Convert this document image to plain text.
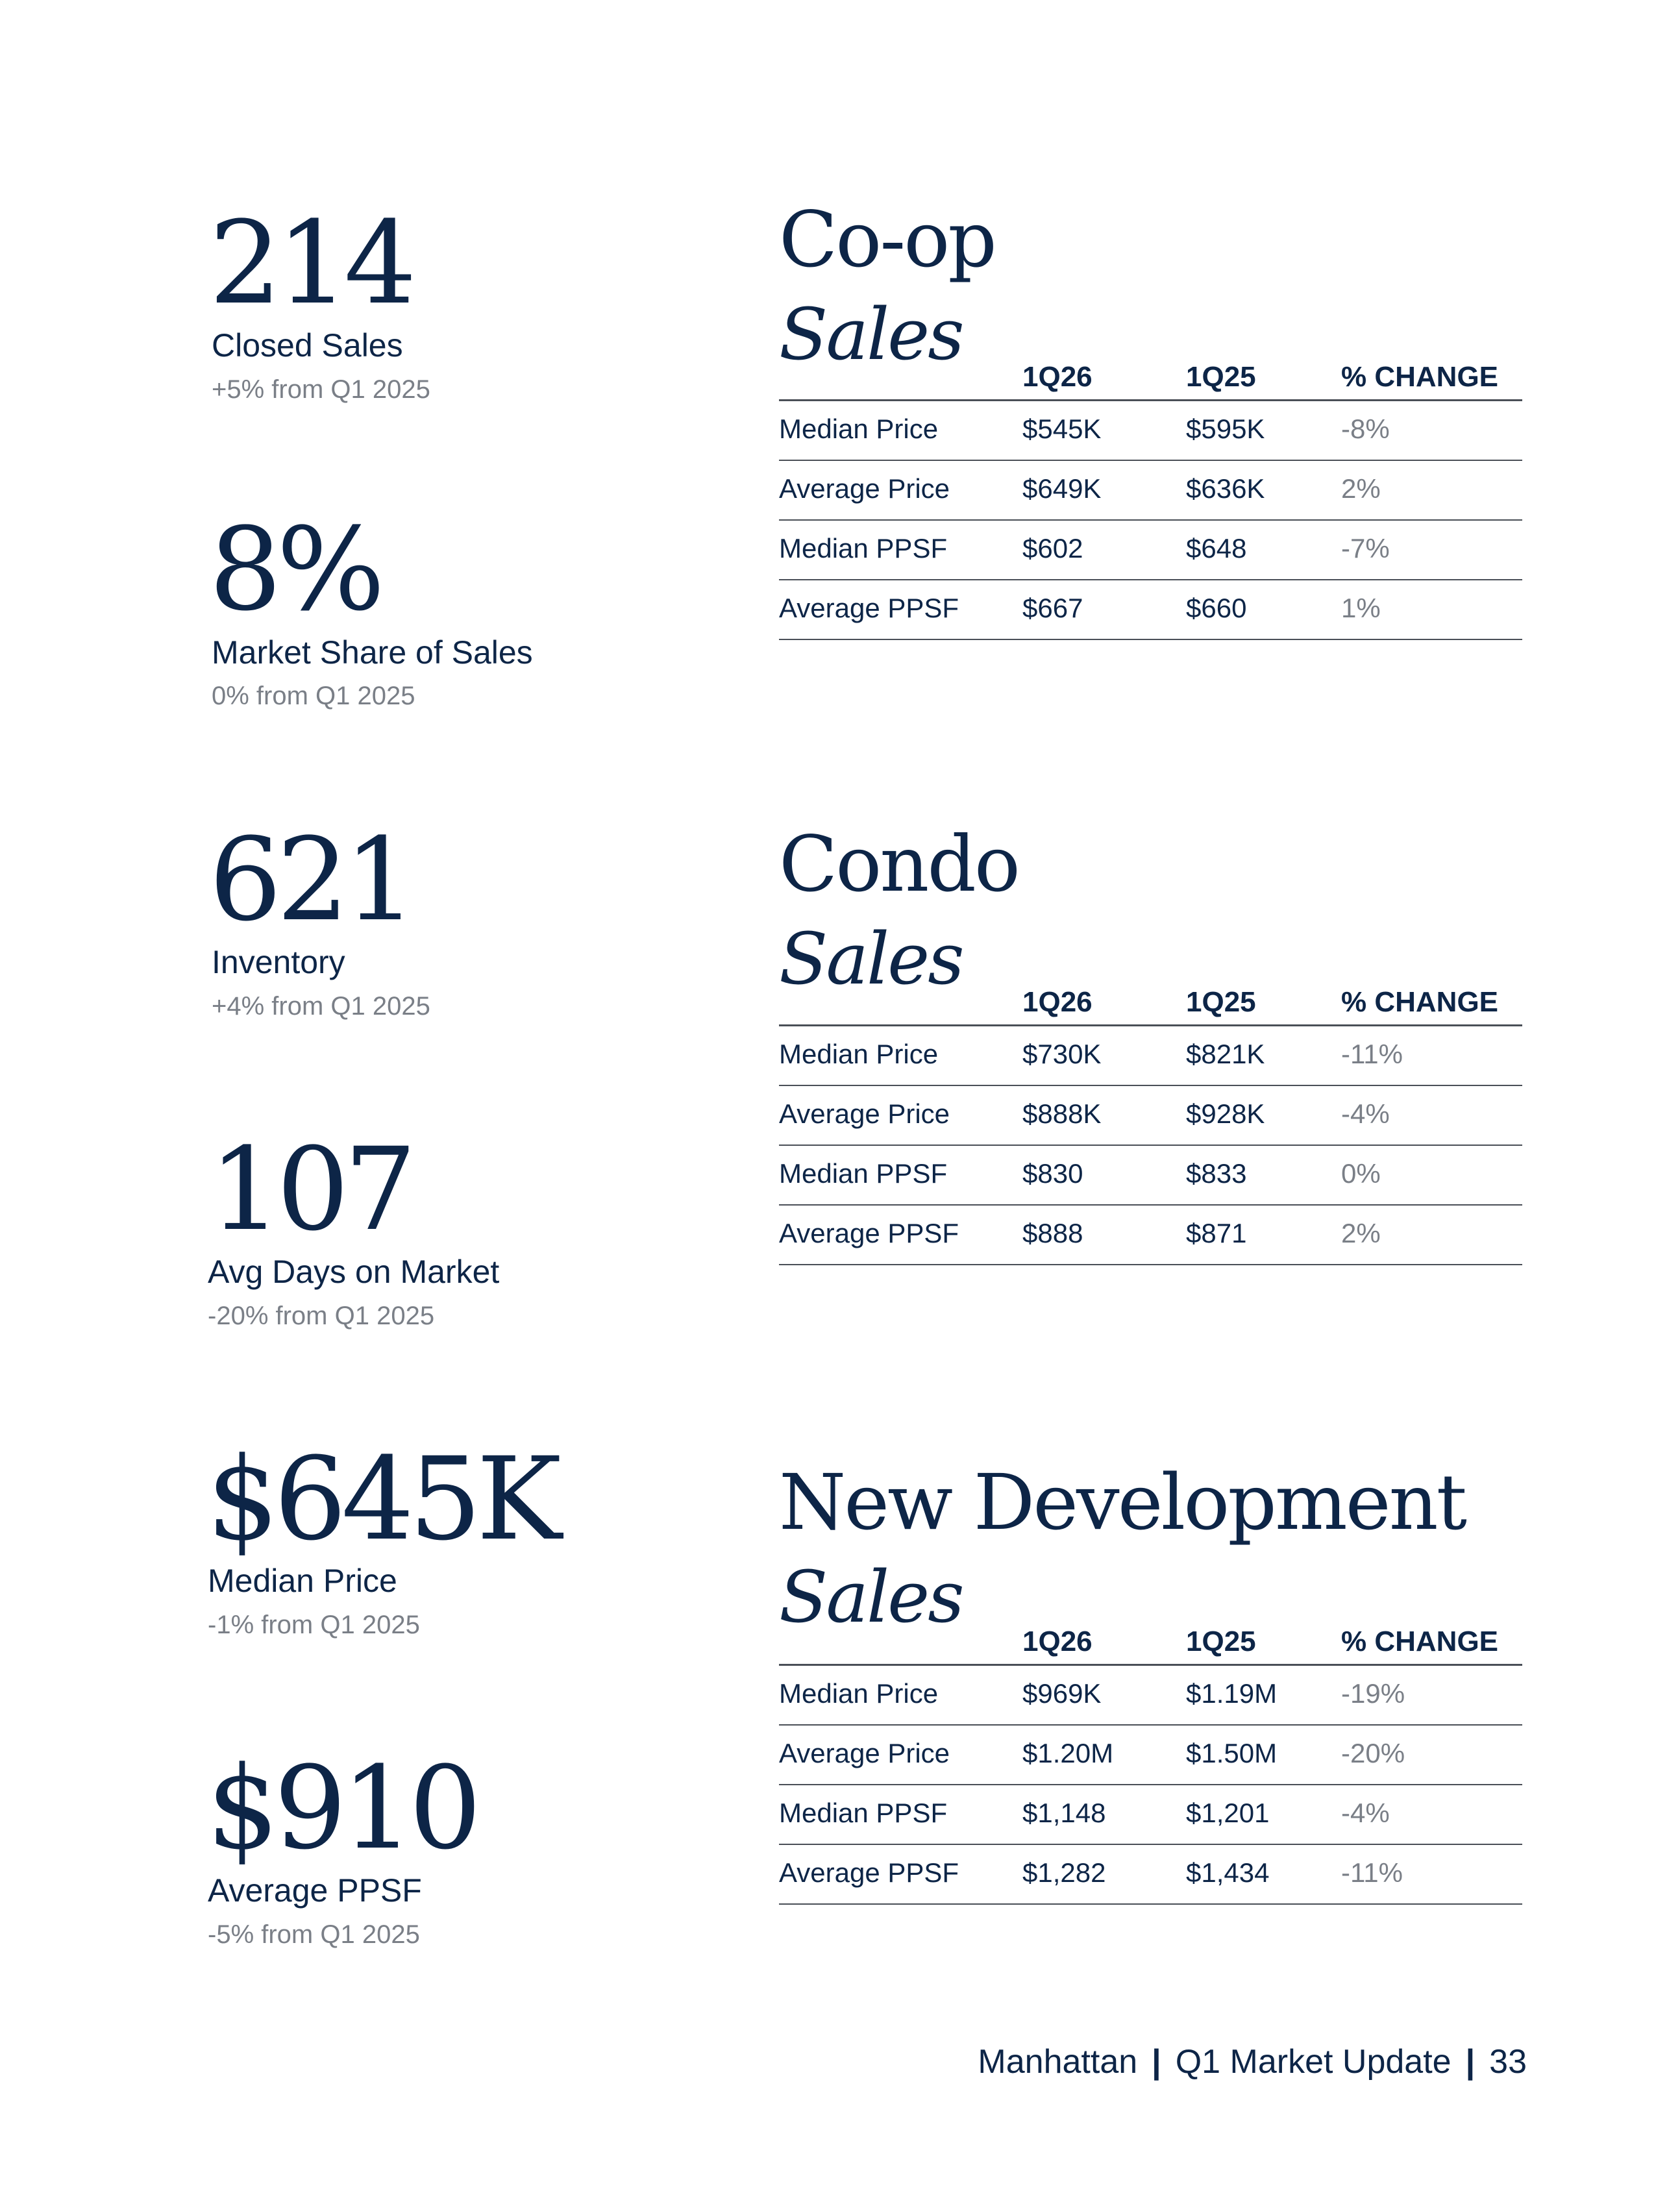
214
Closed Sales
+5% from Q1 2025
8%
Market Share of Sales
0% from Q1 2025
621
Inventory
+4% from Q1 2025
107
Avg Days on Market
-20% from Q1 2025
$645K
Median Price
-1% from Q1 2025
$910
Average PPSF
-5% from Q1 2025
Co-op
Sales
1Q26	1Q25	% CHANGE
Median Price	$545K	$595K	-8%
Average Price	$649K	$636K	2%
Median PPSF	$602	$648	-7%
Average PPSF $667	$660	1%
Condo
Sales
1Q26	1Q25	% CHANGE
Median Price	$730K	$821K	-11%
Average Price	$888K	$928K	-4%
Median PPSF	$830	$833	0%
Average PPSF $888	$871	2%
New Development
Sales
1Q26	1Q25	% CHANGE
Median Price	$969K	$1.19M -19%
Average Price	$1.20M	$1.50M -20%
Median PPSF	$1,148	$1,201	-4%
Average PPSF $1,282	$1,434	-11%
Manhattan | Q1 Market Update | 33
